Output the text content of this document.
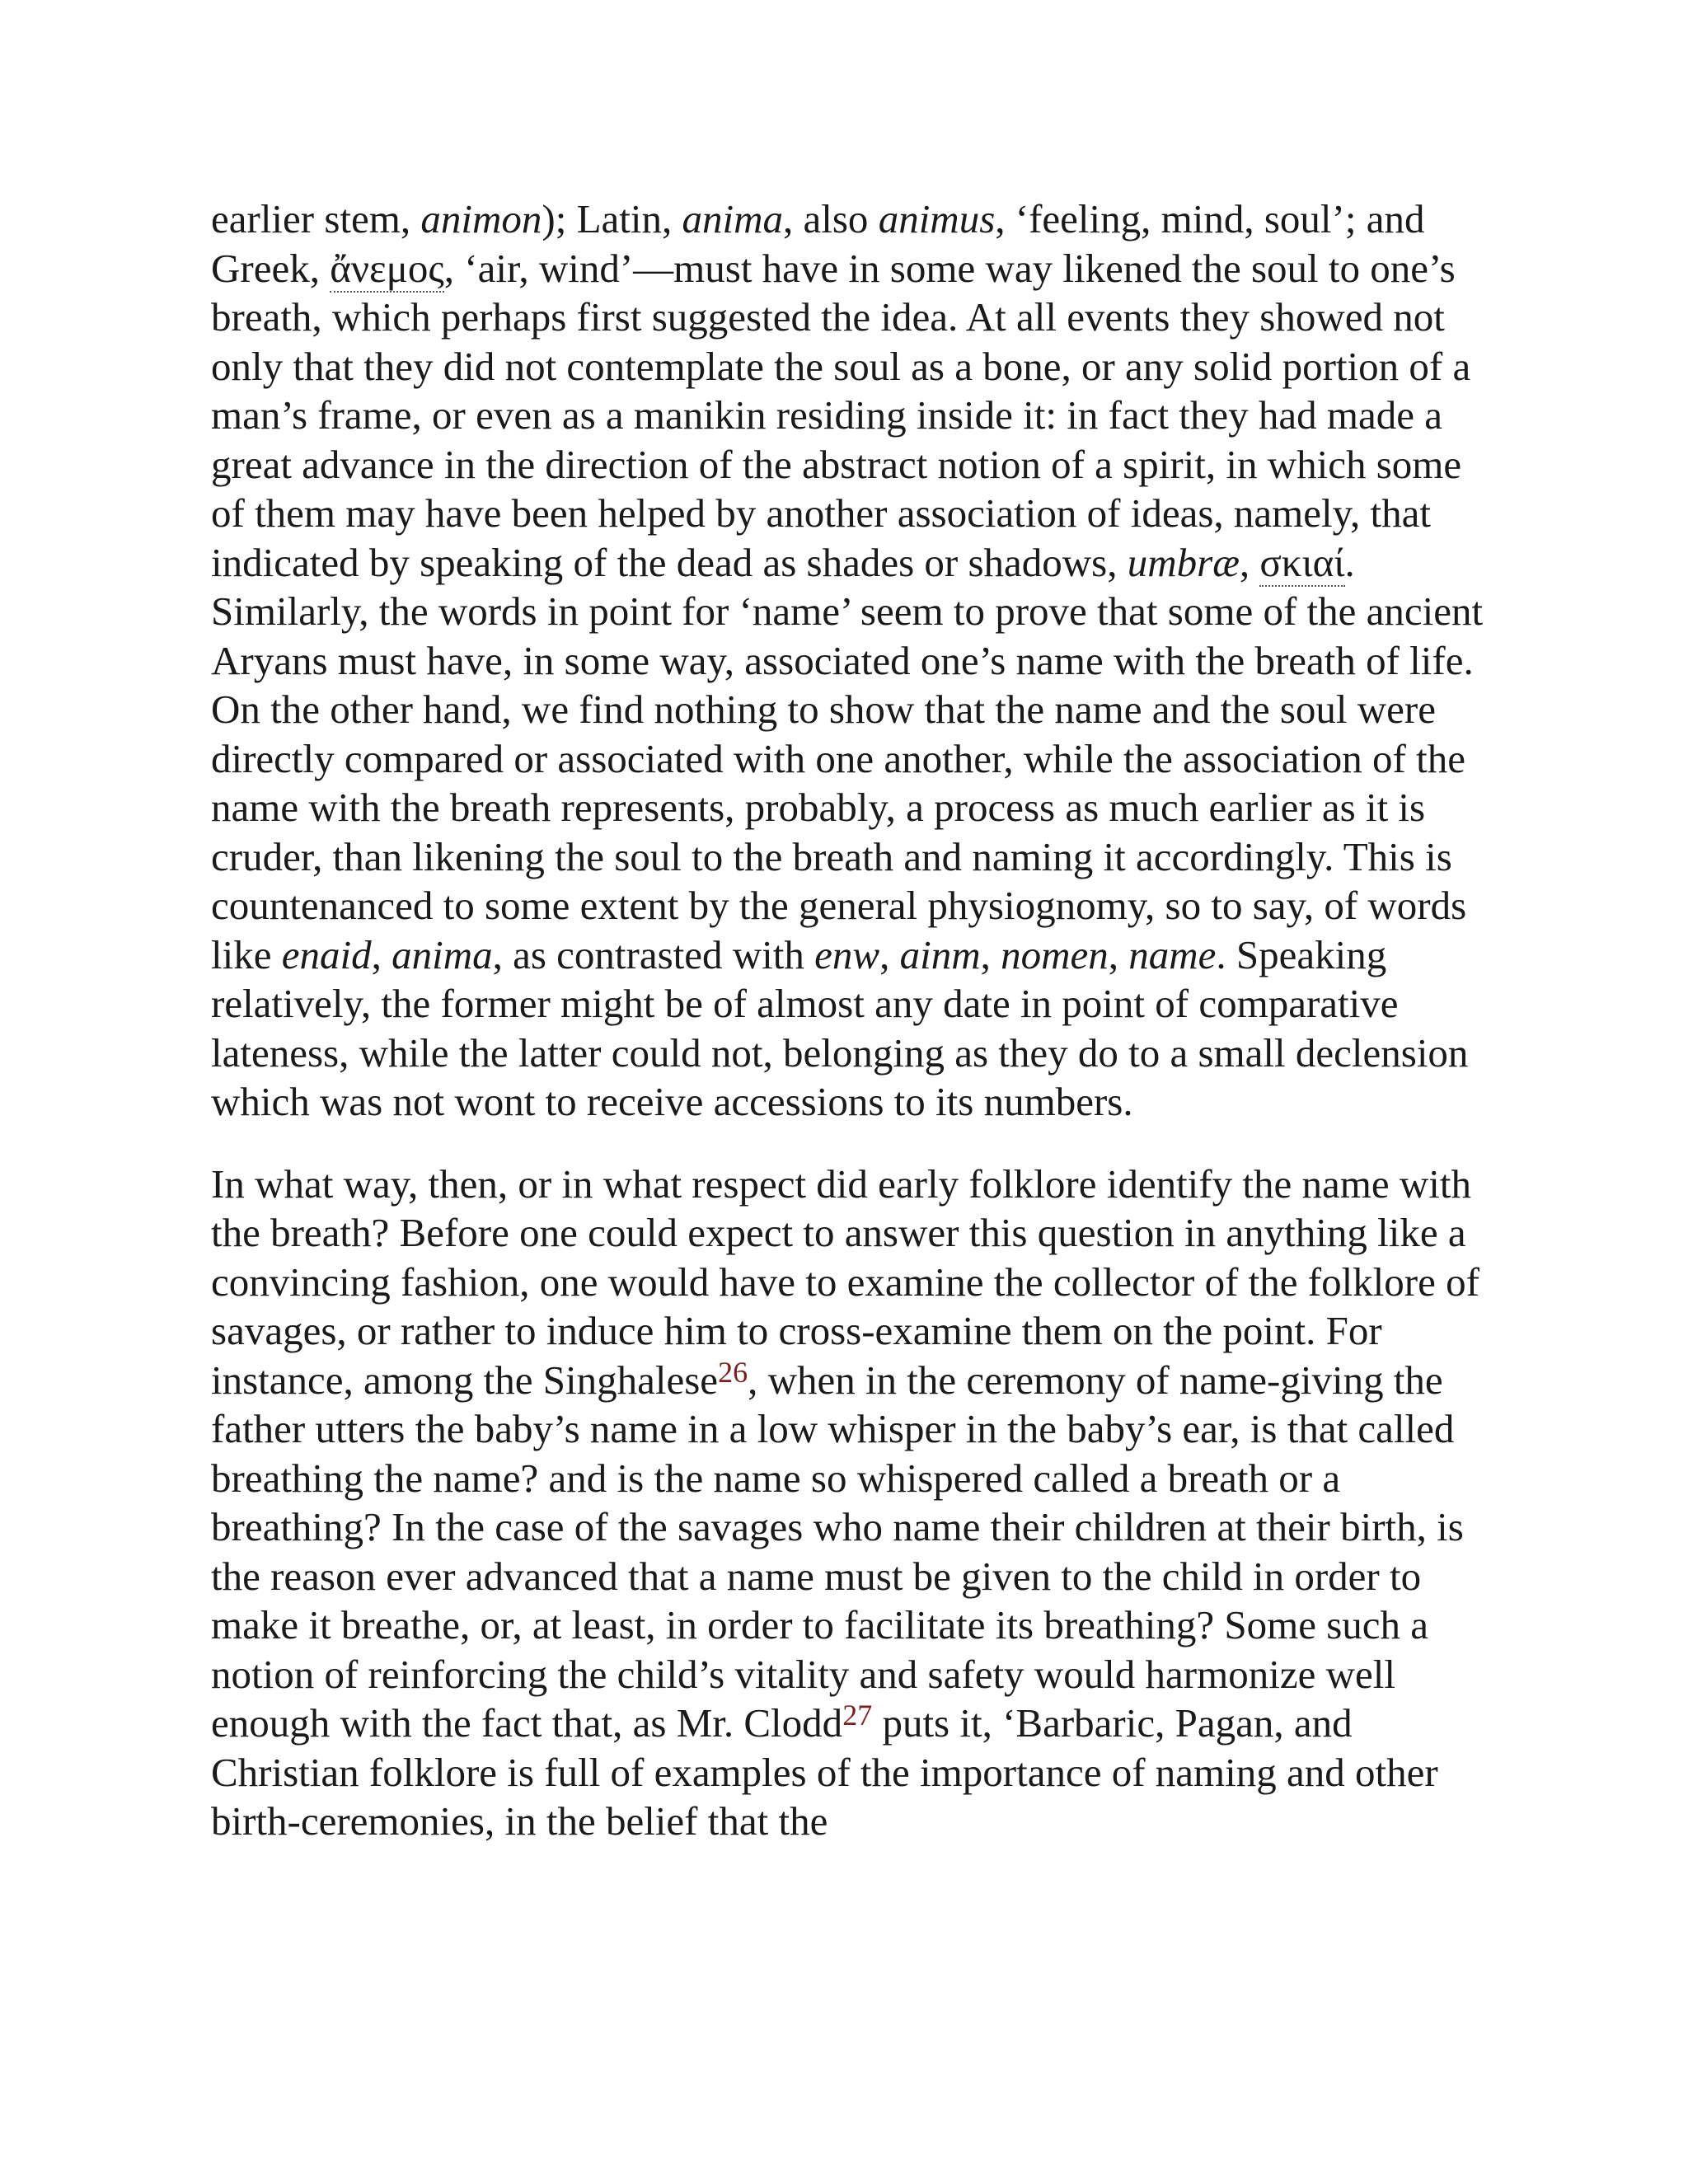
earlier stem, animon); Latin, anima, also animus, ‘feeling, mind, soul’; and Greek, ἄνεμος, ‘air, wind’—must have in some way likened the soul to one’s breath, which perhaps first suggested the idea. At all events they showed not only that they did not contemplate the soul as a bone, or any solid portion of a man’s frame, or even as a manikin residing inside it: in fact they had made a great advance in the direction of the abstract notion of a spirit, in which some of them may have been helped by another association of ideas, namely, that indicated by speaking of the dead as shades or shadows, umbræ, σκιαί. Similarly, the words in point for ‘name’ seem to prove that some of the ancient Aryans must have, in some way, associated one’s name with the breath of life. On the other hand, we find nothing to show that the name and the soul were directly compared or associated with one another, while the association of the name with the breath represents, probably, a process as much earlier as it is cruder, than likening the soul to the breath and naming it accordingly. This is countenanced to some extent by the general physiognomy, so to say, of words like enaid, anima, as contrasted with enw, ainm, nomen, name. Speaking relatively, the former might be of almost any date in point of comparative lateness, while the latter could not, belonging as they do to a small declension which was not wont to receive accessions to its numbers.

In what way, then, or in what respect did early folklore identify the name with the breath? Before one could expect to answer this question in anything like a convincing fashion, one would have to examine the collector of the folklore of savages, or rather to induce him to cross-examine them on the point. For instance, among the Singhalese$^{26}$, when in the ceremony of name-giving the father utters the baby’s name in a low whisper in the baby’s ear, is that called breathing the name? and is the name so whispered called a breath or a breathing? In the case of the savages who name their children at their birth, is the reason ever advanced that a name must be given to the child in order to make it breathe, or, at least, in order to facilitate its breathing? Some such a notion of reinforcing the child’s vitality and safety would harmonize well enough with the fact that, as Mr. Clodd$^{27}$ puts it, ‘Barbaric, Pagan, and Christian folklore is full of examples of the importance of naming and other birth-ceremonies, in the belief that the
